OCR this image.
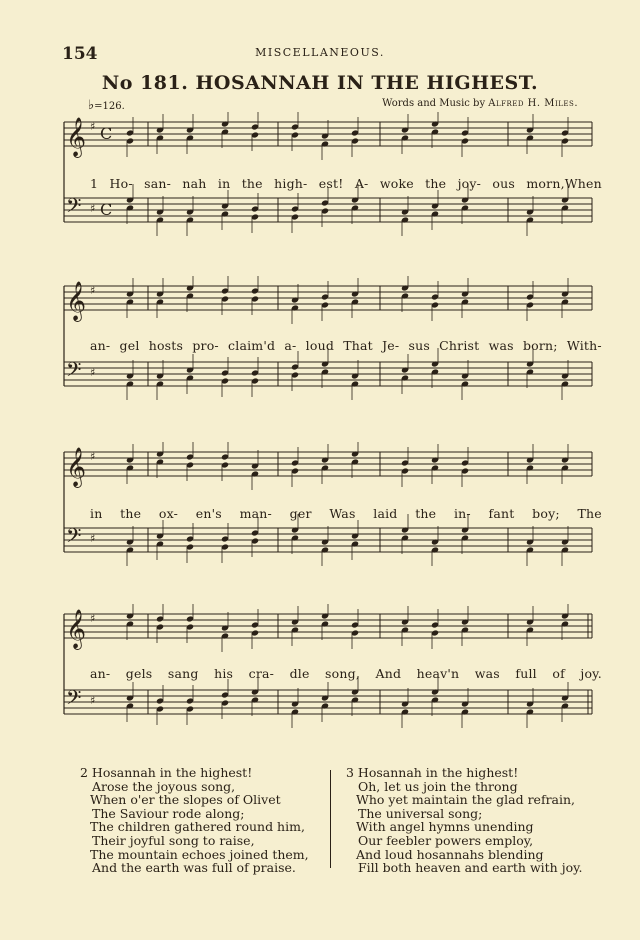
154	MISCELLANEOUS.
No 181. HOSANNAH IN THE HIGHEST.
♭=126.	Words and Music by Alfred H. Miles.
𝄞 ♯ C
𝄢 ♯ C
1 Ho- san- nah in the high- est! A- woke the joy- ous morn,When
𝄞 ♯
𝄢 ♯
an- gel hosts pro- claim'd a- loud That Je- sus Christ was born; With-
𝄞 ♯
𝄢 ♯
in the ox- en's man- ger Was laid the in- fant boy; The
𝄞 ♯
𝄢 ♯
an- gels sang his cra- dle song, And heav'n was full of joy.
2 Hosannah in the highest!
Arose the joyous song,
When o'er the slopes of Olivet
The Saviour rode along;
The children gathered round him,
Their joyful song to raise,
The mountain echoes joined them,
And the earth was full of praise.
3 Hosannah in the highest!
Oh, let us join the throng
Who yet maintain the glad refrain,
The universal song;
With angel hymns unending
Our feebler powers employ,
And loud hosannahs blending
Fill both heaven and earth with joy.
